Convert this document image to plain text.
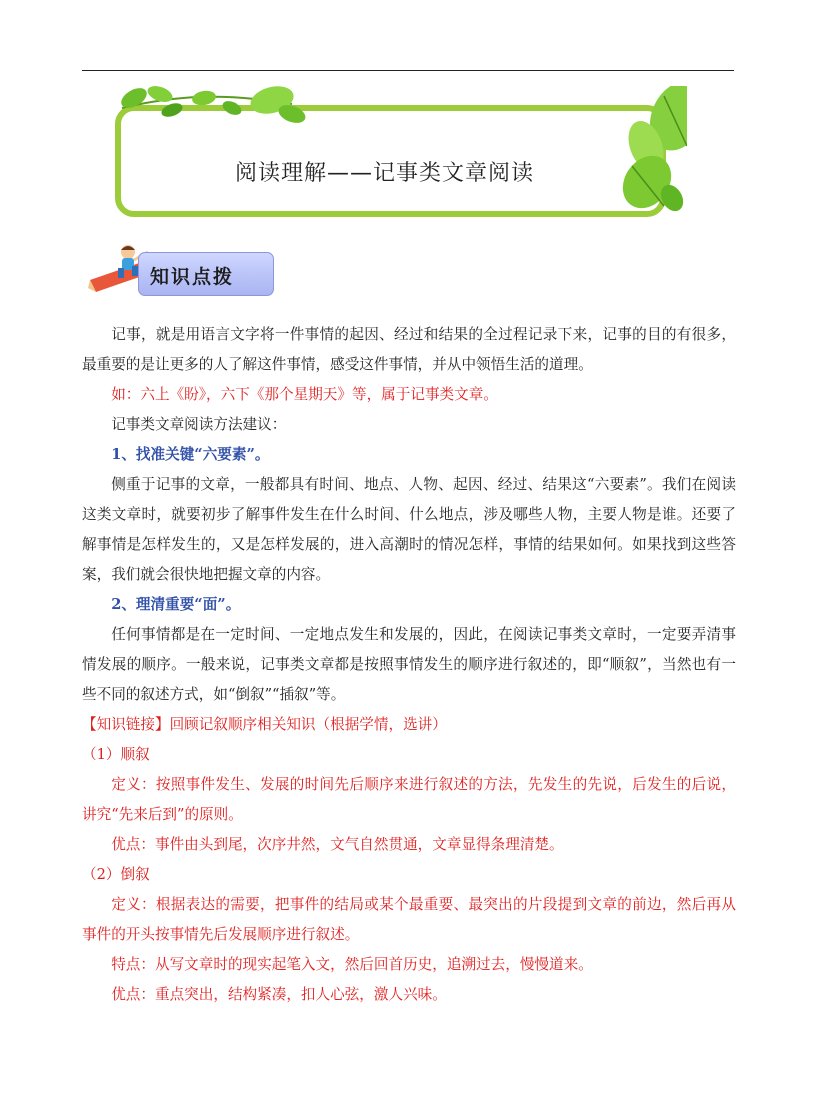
阅读理解——记事类文章阅读
知识点拨

记事，就是用语言文字将一件事情的起因、经过和结果的全过程记录下来，记事的目的有很多，最重要的是让更多的人了解这件事情，感受这件事情，并从中领悟生活的道理。

如：六上《盼》，六下《那个星期天》等，属于记事类文章。

记事类文章阅读方法建议：

1、找准关键“六要素”。

侧重于记事的文章，一般都具有时间、地点、人物、起因、经过、结果这“六要素”。我们在阅读这类文章时，就要初步了解事件发生在什么时间、什么地点，涉及哪些人物，主要人物是谁。还要了解事情是怎样发生的，又是怎样发展的，进入高潮时的情况怎样，事情的结果如何。如果找到这些答案，我们就会很快地把握文章的内容。

2、理清重要“面”。

任何事情都是在一定时间、一定地点发生和发展的，因此，在阅读记事类文章时，一定要弄清事情发展的顺序。一般来说，记事类文章都是按照事情发生的顺序进行叙述的，即“顺叙”，当然也有一些不同的叙述方式，如“倒叙”“插叙”等。

【知识链接】回顾记叙顺序相关知识（根据学情，选讲）

（1）顺叙

定义：按照事件发生、发展的时间先后顺序来进行叙述的方法，先发生的先说，后发生的后说，讲究“先来后到”的原则。

优点：事件由头到尾，次序井然，文气自然贯通，文章显得条理清楚。

（2）倒叙

定义：根据表达的需要，把事件的结局或某个最重要、最突出的片段提到文章的前边，然后再从事件的开头按事情先后发展顺序进行叙述。

特点：从写文章时的现实起笔入文，然后回首历史，追溯过去，慢慢道来。

优点：重点突出，结构紧凑，扣人心弦，激人兴味。
